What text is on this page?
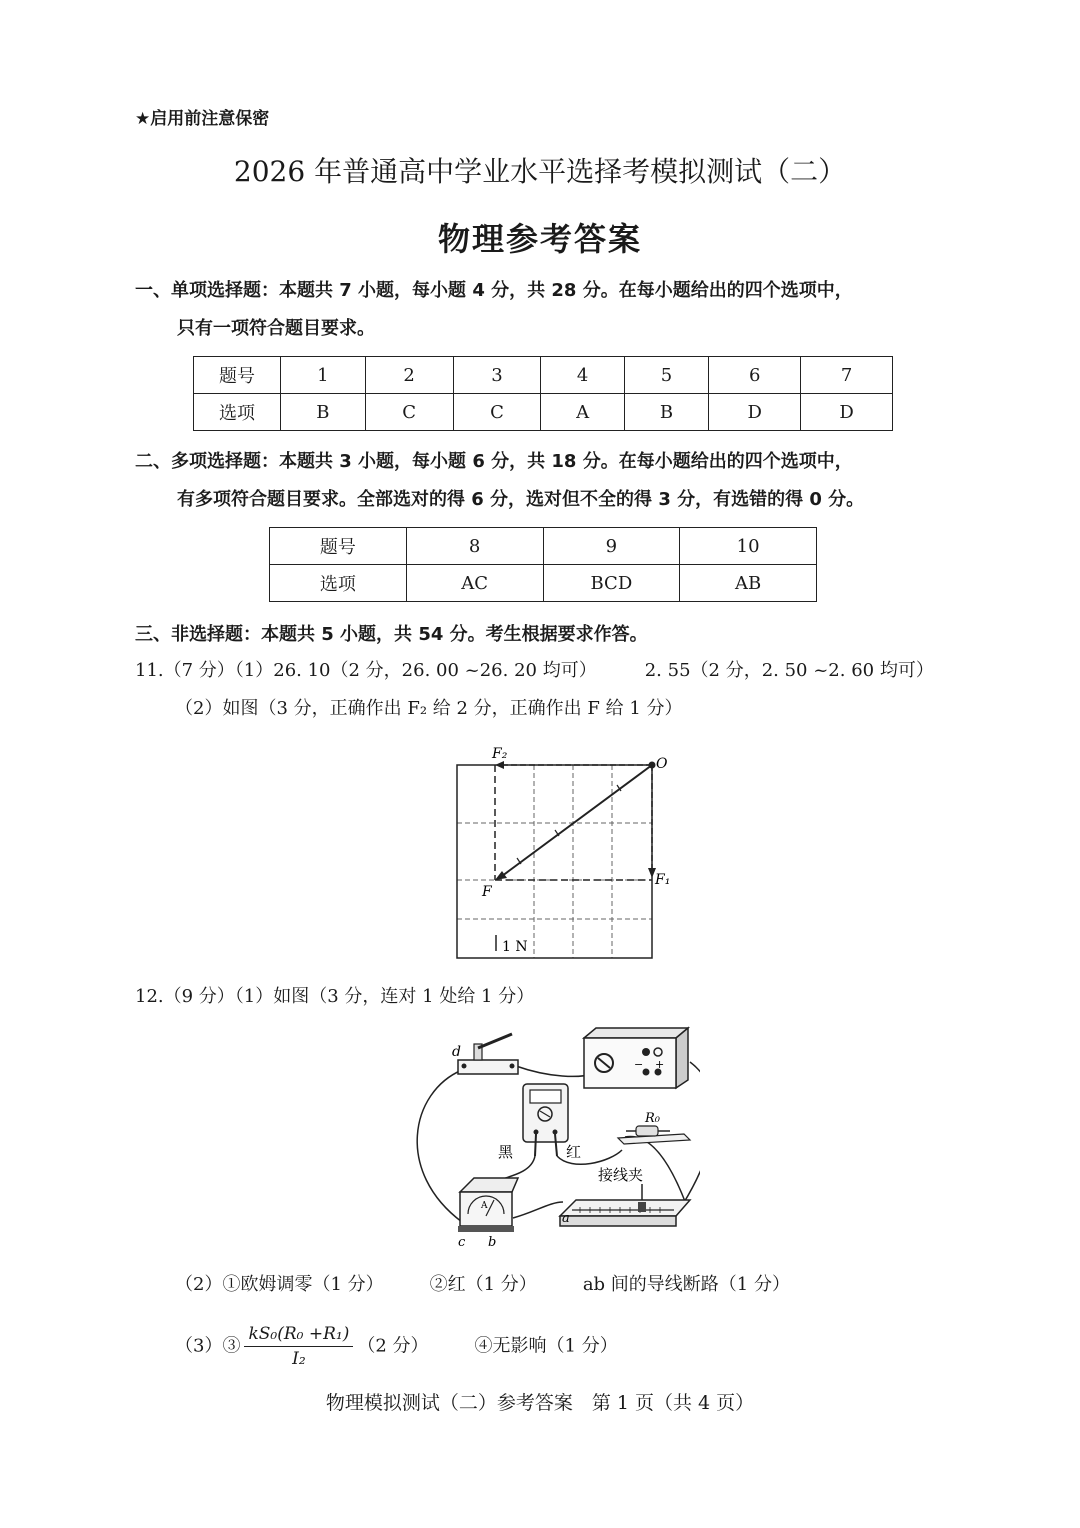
★启用前注意保密
2026 年普通高中学业水平选择考模拟测试（二）
物理参考答案
一、单项选择题：本题共 7 小题，每小题 4 分，共 28 分。在每小题给出的四个选项中，
只有一项符合题目要求。
题号	1	2	3	4	5	6	7
选项	B	C	C	A	B	D	D
二、多项选择题：本题共 3 小题，每小题 6 分，共 18 分。在每小题给出的四个选项中，
有多项符合题目要求。全部选对的得 6 分，选对但不全的得 3 分，有选错的得 0 分。
题号	8	9	10
选项	AC	BCD	AB
三、非选择题：本题共 5 小题，共 54 分。考生根据要求作答。
11.（7 分）（1）26. 10（2 分，26. 00 ~26. 20 均可）	2. 55（2 分，2. 50 ~2. 60 均可）
（2）如图（3 分，正确作出 F₂ 给 2 分，正确作出 F 给 1 分）
F₂
O
F₁
F
1 N
12.（9 分）（1）如图（3 分，连对 1 处给 1 分）
d
− +
黑	红
R₀
接线夹
a
A
c b
（2）①欧姆调零（1 分）	②红（1 分）	ab 间的导线断路（1 分）
（3）③ $\frac{\text{kS₀(R₀ +R₁)}}{\text{I₂}} (2$ 分）	④无影响（1 分）
物理模拟测试（二）参考答案　第 1 页（共 4 页）
